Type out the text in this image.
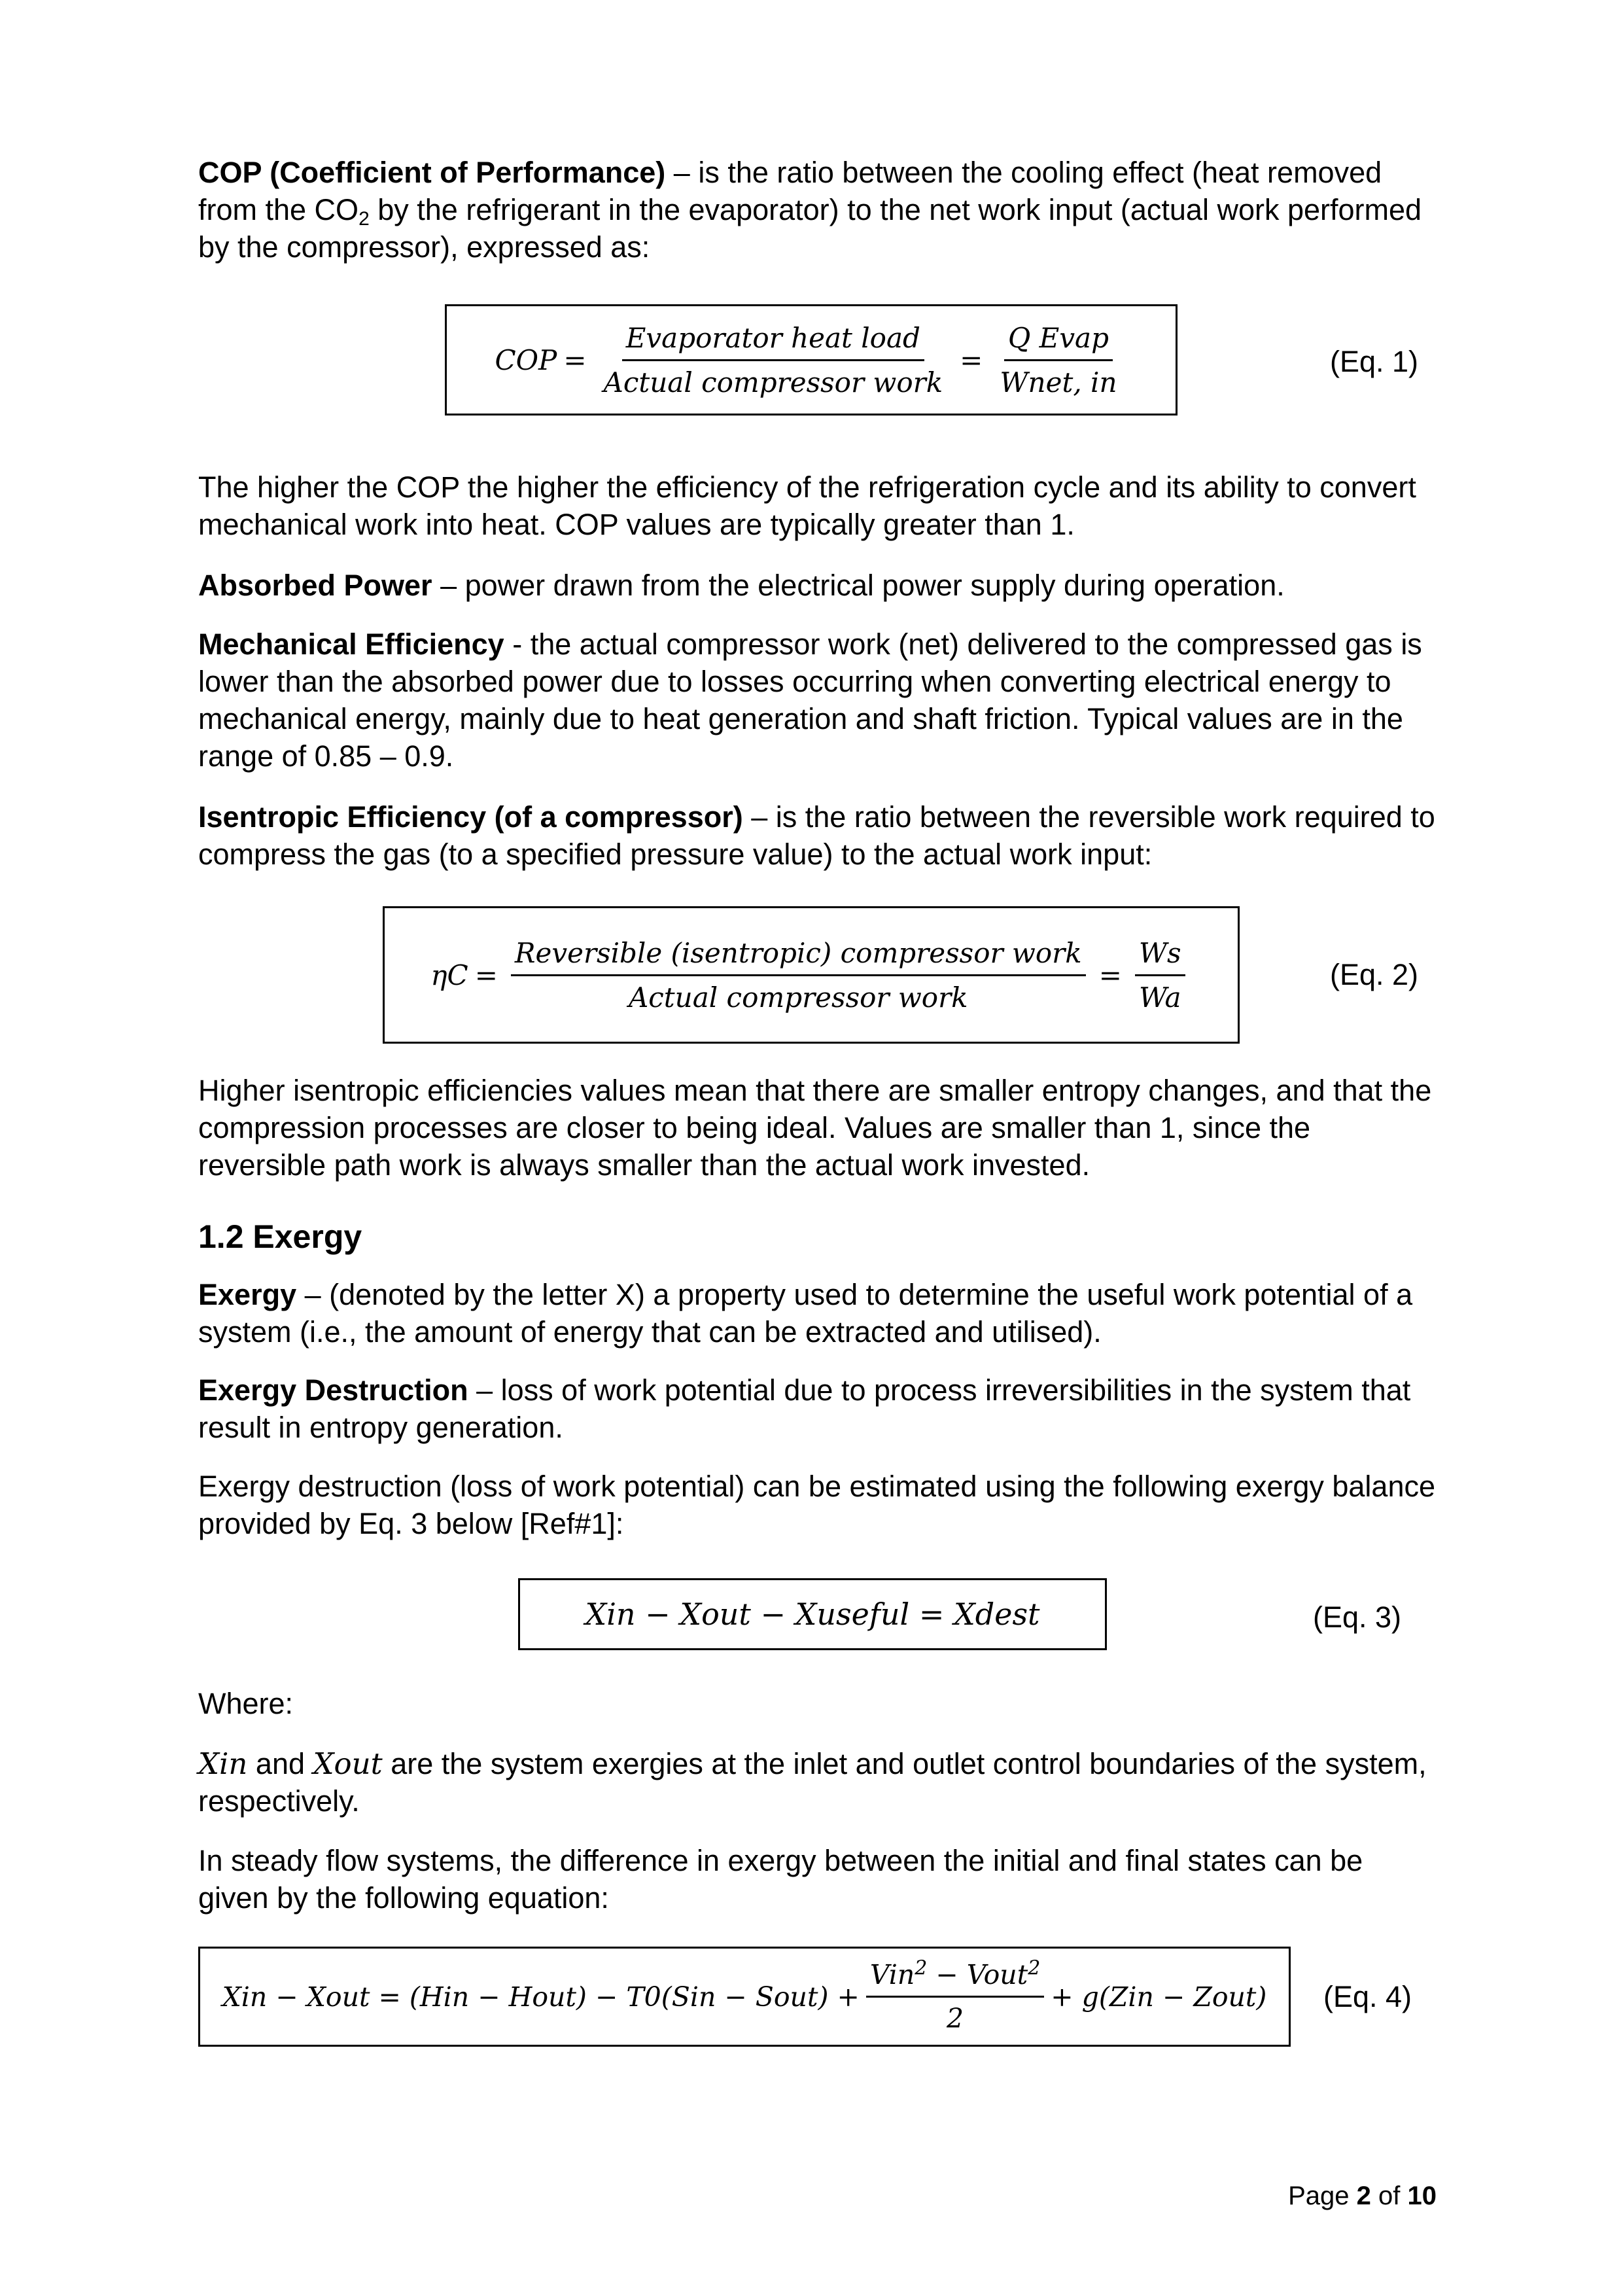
COP (Coefficient of Performance) – is the ratio between the cooling effect (heat removed from the $CO_2$ by the refrigerant in the evaporator) to the net work input (actual work performed by the compressor), expressed as:

COP = $\frac{\text{Evaporator heat load}}{\text{Actual compressor work}} = \frac{\text{Q Evap}}{\text{Wnet, in}}$	(Eq. 1)

The higher the COP the higher the efficiency of the refrigeration cycle and its ability to convert mechanical work into heat. COP values are typically greater than 1.

Absorbed Power – power drawn from the electrical power supply during operation.

Mechanical Efficiency - the actual compressor work (net) delivered to the compressed gas is lower than the absorbed power due to losses occurring when converting electrical energy to mechanical energy, mainly due to heat generation and shaft friction. Typical values are in the range of 0.85 – 0.9.

Isentropic Efficiency (of a compressor) – is the ratio between the reversible work required to compress the gas (to a specified pressure value) to the actual work input:

$\eta C = \frac{\text{Reversible (isentropic) compressor work}}{\text{Actual compressor work}} = \frac{Ws}{Wa}$	(Eq. 2)

Higher isentropic efficiencies values mean that there are smaller entropy changes, and that the compression processes are closer to being ideal. Values are smaller than 1, since the reversible path work is always smaller than the actual work invested.

1.2 Exergy

Exergy – (denoted by the letter X) a property used to determine the useful work potential of a system (i.e., the amount of energy that can be extracted and utilised).

Exergy Destruction – loss of work potential due to process irreversibilities in the system that result in entropy generation.

Exergy destruction (loss of work potential) can be estimated using the following exergy balance provided by Eq. 3 below [Ref#1]:

Xin − Xout − Xuseful = Xdest	(Eq. 3)

Where:

Xin and Xout are the system exergies at the inlet and outlet control boundaries of the system, respectively.

In steady flow systems, the difference in exergy between the initial and final states can be given by the following equation:

Xin − Xout = (Hin − Hout) − T0(Sin − Sout) + $\frac{Vin^2 - Vout^2}{2} + g(Zin$ − Zout) (Eq. 4)
Page 2 of 10
